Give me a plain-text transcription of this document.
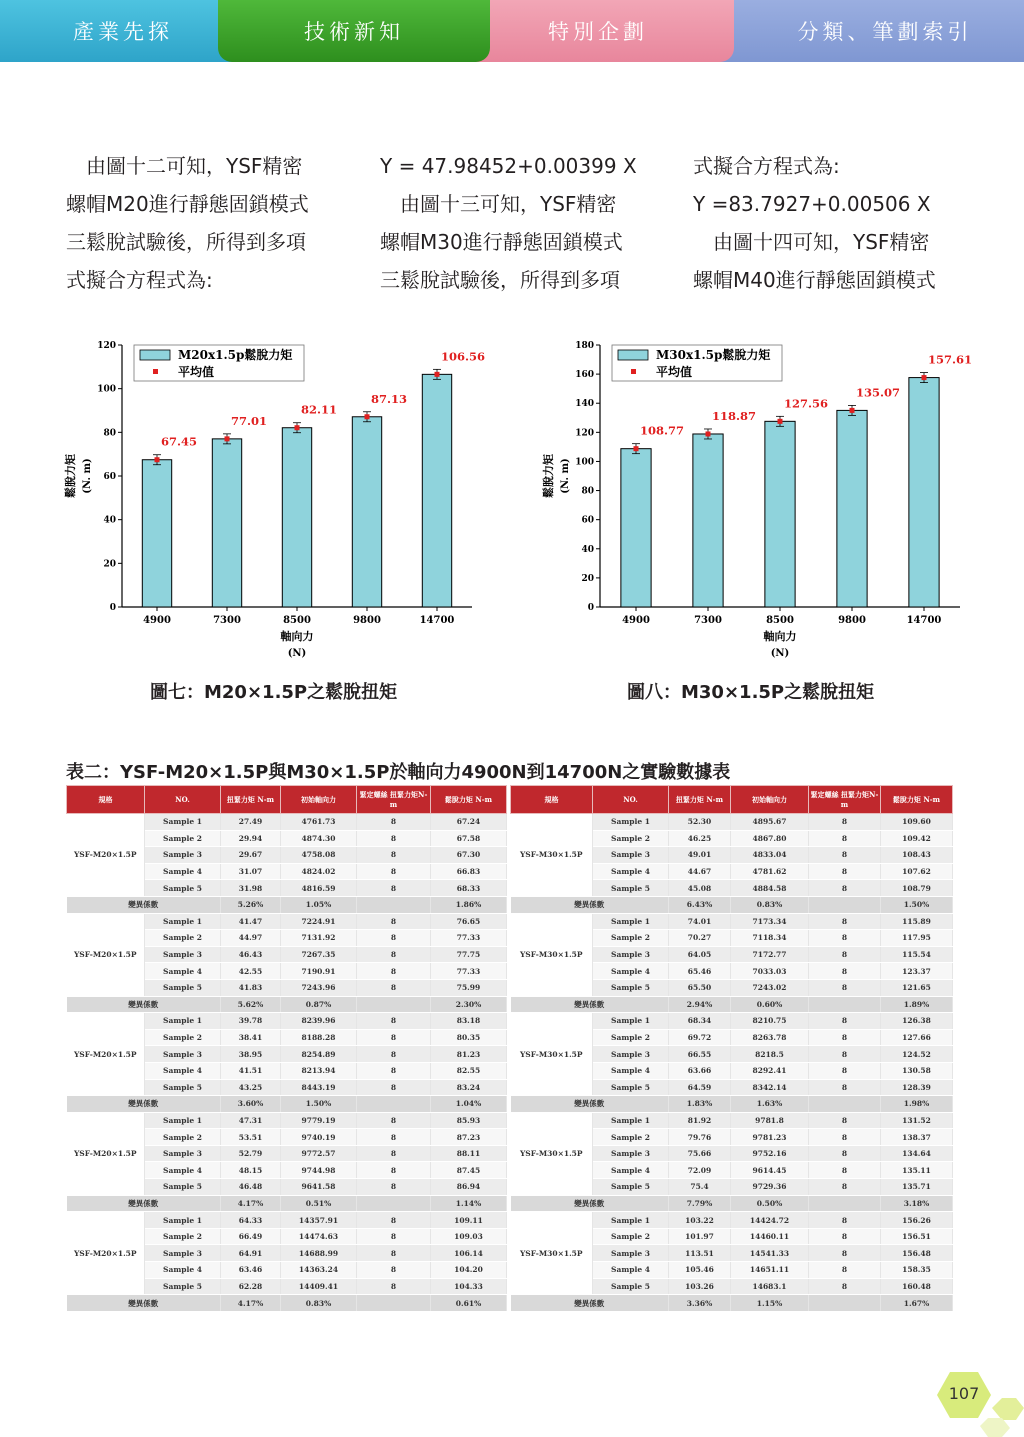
產業先探	分類、筆劃索引
特別企劃
技術新知
　由圖十二可知，YSF精密
螺帽M20進行靜態固鎖模式
三鬆脫試驗後，所得到多項
式擬合方程式為:
Y = 47.98452+0.00399 X
　由圖十三可知，YSF精密
螺帽M30進行靜態固鎖模式
三鬆脫試驗後，所得到多項
式擬合方程式為:
Y =83.7927+0.00506 X
　由圖十四可知，YSF精密
螺帽M40進行靜態固鎖模式
0
20
40
60
80
100
120
67.45
4900
77.01
7300
82.11
8500
87.13
9800
106.56
14700
軸向力
(N)
鬆脫力矩 (N. m)
M20x1.5p鬆脫力矩
平均值
0
20
40
60
80
100
120
140
160
180
108.77
4900
118.87
7300
127.56
8500
135.07
9800
157.61
14700
軸向力
(N)
鬆脫力矩 (N. m)
M30x1.5p鬆脫力矩
平均值
圖七：M20×1.5P之鬆脫扭矩	圖八：M30×1.5P之鬆脫扭矩
表二：YSF-M20×1.5P與M30×1.5P於軸向力4900N到14700N之實驗數據表
規格	NO.	扭緊力矩 N-m	初始軸向力	緊定螺絲 扭緊力矩N-m	鬆脫力矩 N-m
YSF-M20×1.5P	Sample 1	27.49	4761.73	8	67.24
	Sample 2	29.94	4874.30	8	67.58
	Sample 3	29.67	4758.08	8	67.30
	Sample 4	31.07	4824.02	8	66.83
	Sample 5	31.98	4816.59	8	68.33
變異係數		5.26%	1.05%		1.86%
YSF-M20×1.5P	Sample 1	41.47	7224.91	8	76.65
	Sample 2	44.97	7131.92	8	77.33
	Sample 3	46.43	7267.35	8	77.75
	Sample 4	42.55	7190.91	8	77.33
	Sample 5	41.83	7243.96	8	75.99
變異係數		5.62%	0.87%		2.30%
YSF-M20×1.5P	Sample 1	39.78	8239.96	8	83.18
	Sample 2	38.41	8188.28	8	80.35
	Sample 3	38.95	8254.89	8	81.23
	Sample 4	41.51	8213.94	8	82.55
	Sample 5	43.25	8443.19	8	83.24
變異係數		3.60%	1.50%		1.04%
YSF-M20×1.5P	Sample 1	47.31	9779.19	8	85.93
	Sample 2	53.51	9740.19	8	87.23
	Sample 3	52.79	9772.57	8	88.11
	Sample 4	48.15	9744.98	8	87.45
	Sample 5	46.48	9641.58	8	86.94
變異係數		4.17%	0.51%		1.14%
YSF-M20×1.5P	Sample 1	64.33	14357.91	8	109.11
	Sample 2	66.49	14474.63	8	109.03
	Sample 3	64.91	14688.99	8	106.14
	Sample 4	63.46	14363.24	8	104.20
	Sample 5	62.28	14409.41	8	104.33
變異係數		4.17%	0.83%		0.61%
規格	NO.	扭緊力矩 N-m	初始軸向力	緊定螺絲 扭緊力矩N-m	鬆脫力矩 N-m
YSF-M30×1.5P	Sample 1	52.30	4895.67	8	109.60
	Sample 2	46.25	4867.80	8	109.42
	Sample 3	49.01	4833.04	8	108.43
	Sample 4	44.67	4781.62	8	107.62
	Sample 5	45.08	4884.58	8	108.79
變異係數		6.43%	0.83%		1.50%
YSF-M30×1.5P	Sample 1	74.01	7173.34	8	115.89
	Sample 2	70.27	7118.34	8	117.95
	Sample 3	64.05	7172.77	8	115.54
	Sample 4	65.46	7033.03	8	123.37
	Sample 5	65.50	7243.02	8	121.65
變異係數		2.94%	0.60%		1.89%
YSF-M30×1.5P	Sample 1	68.34	8210.75	8	126.38
	Sample 2	69.72	8263.78	8	127.66
	Sample 3	66.55	8218.5	8	124.52
	Sample 4	63.66	8292.41	8	130.58
	Sample 5	64.59	8342.14	8	128.39
變異係數		1.83%	1.63%		1.98%
YSF-M30×1.5P	Sample 1	81.92	9781.8	8	131.52
	Sample 2	79.76	9781.23	8	138.37
	Sample 3	75.66	9752.16	8	134.64
	Sample 4	72.09	9614.45	8	135.11
	Sample 5	75.4	9729.36	8	135.71
變異係數		7.79%	0.50%		3.18%
YSF-M30×1.5P	Sample 1	103.22	14424.72	8	156.26
	Sample 2	101.97	14460.11	8	156.51
	Sample 3	113.51	14541.33	8	156.48
	Sample 4	105.46	14651.11	8	158.35
	Sample 5	103.26	14683.1	8	160.48
變異係數		3.36%	1.15%		1.67%
107
